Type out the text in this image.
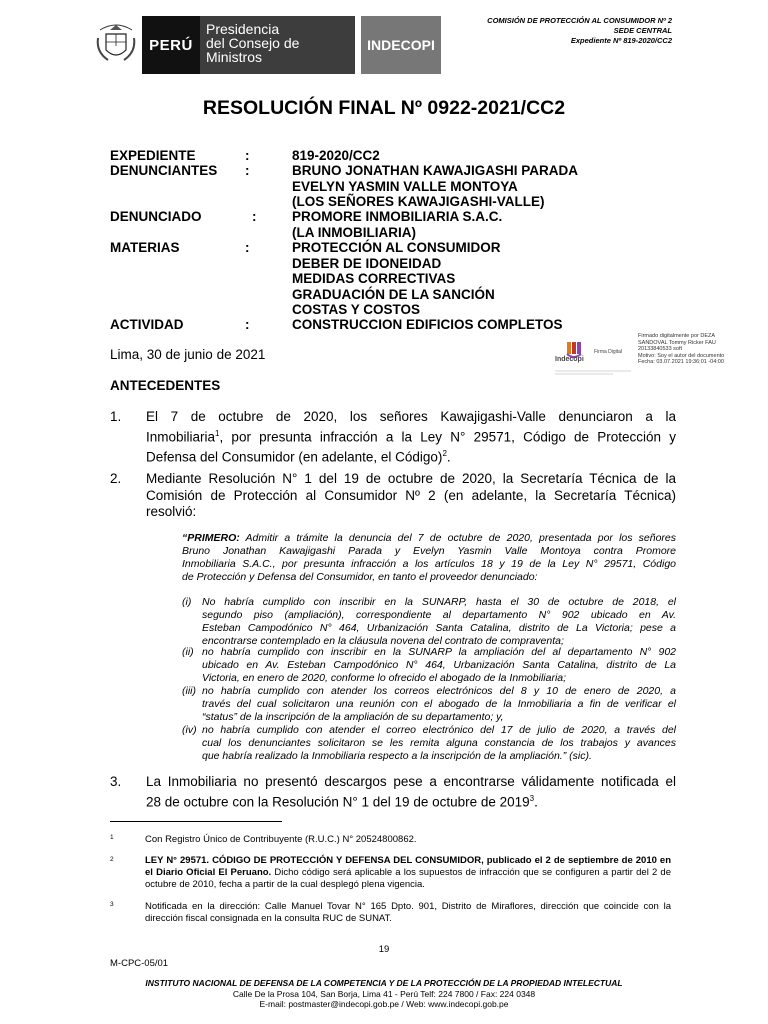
PERÚ
Presidencia
del Consejo de Ministros
INDECOPI
COMISIÓN DE PROTECCIÓN AL CONSUMIDOR Nº 2
SEDE CENTRAL
Expediente Nº 819-2020/CC2
RESOLUCIÓN FINAL Nº 0922-2021/CC2
EXPEDIENTE	:	819-2020/CC2
DENUNCIANTES :	BRUNO JONATHAN KAWAJIGASHI PARADA
EVELYN YASMIN VALLE MONTOYA
(LOS SEÑORES KAWAJIGASHI-VALLE)
DENUNCIADO	:	PROMORE INMOBILIARIA S.A.C.
(LA INMOBILIARIA)
MATERIAS	:	PROTECCIÓN AL CONSUMIDOR
DEBER DE IDONEIDAD
MEDIDAS CORRECTIVAS
GRADUACIÓN DE LA SANCIÓN
COSTAS Y COSTOS
ACTIVIDAD	:	CONSTRUCCION EDIFICIOS COMPLETOS
Indecopi
Firma Digital
Firmado digitalmente por DEZA
SANDOVAL Tommy Ricker FAU
20133840533 soft
Motivo: Soy el autor del documento
Fecha: 03.07.2021 19:36:01 -04:00
Lima, 30 de junio de 2021
ANTECEDENTES
1. El 7 de octubre de 2020, los señores Kawajigashi-Valle denunciaron a la
Inmobiliaria$^1$, por presunta infracción a la Ley N° 29571, Código de Protección y
Defensa del Consumidor (en adelante, el Código)$^2$.
2. Mediante Resolución N° 1 del 19 de octubre de 2020, la Secretaría Técnica de la
Comisión de Protección al Consumidor Nº 2 (en adelante, la Secretaría Técnica)
resolvió:
“PRIMERO: Admitir a trámite la denuncia del 7 de octubre de 2020, presentada por los señores
Bruno Jonathan Kawajigashi Parada y Evelyn Yasmin Valle Montoya contra Promore
Inmobiliaria S.A.C., por presunta infracción a los artículos 18 y 19 de la Ley N° 29571, Código
de Protección y Defensa del Consumidor, en tanto el proveedor denunciado:
(i) No habría cumplido con inscribir en la SUNARP, hasta el 30 de octubre de 2018, el
segundo piso (ampliación), correspondiente al departamento N° 902 ubicado en Av.
Esteban Campodónico N° 464, Urbanización Santa Catalina, distrito de La Victoria; pese a
encontrarse contemplado en la cláusula novena del contrato de compraventa;
(ii) no habría cumplido con inscribir en la SUNARP la ampliación del al departamento N° 902
ubicado en Av. Esteban Campodónico N° 464, Urbanización Santa Catalina, distrito de La
Victoria, en enero de 2020, conforme lo ofrecido el abogado de la Inmobiliaria;
(iii) no habría cumplido con atender los correos electrónicos del 8 y 10 de enero de 2020, a
través del cual solicitaron una reunión con el abogado de la Inmobiliaria a fin de verificar el
“status” de la inscripción de la ampliación de su departamento; y,
(iv) no habría cumplido con atender el correo electrónico del 17 de julio de 2020, a través del
cual los denunciantes solicitaron se les remita alguna constancia de los trabajos y avances
que habría realizado la Inmobiliaria respecto a la inscripción de la ampliación.” (sic).
3. La Inmobiliaria no presentó descargos pese a encontrarse válidamente notificada el
28 de octubre con la Resolución N° 1 del 19 de octubre de 2019$^3$.
1	Con Registro Único de Contribuyente (R.U.C.) N° 20524800862.
2	LEY N° 29571. CÓDIGO DE PROTECCIÓN Y DEFENSA DEL CONSUMIDOR, publicado el 2 de septiembre de 2010 en el Diario Oficial El Peruano. Dicho código será aplicable a los supuestos de infracción que se configuren a partir del 2 de octubre de 2010, fecha a partir de la cual desplegó plena vigencia.
3	Notificada en la dirección: Calle Manuel Tovar N° 165 Dpto. 901, Distrito de Miraflores, dirección que coincide con la dirección fiscal consignada en la consulta RUC de SUNAT.
19
M-CPC-05/01
INSTITUTO NACIONAL DE DEFENSA DE LA COMPETENCIA Y DE LA PROTECCIÓN DE LA PROPIEDAD INTELECTUAL
Calle De la Prosa 104, San Borja, Lima 41 - Perú Telf: 224 7800 / Fax: 224 0348
E-mail: postmaster@indecopi.gob.pe / Web: www.indecopi.gob.pe
